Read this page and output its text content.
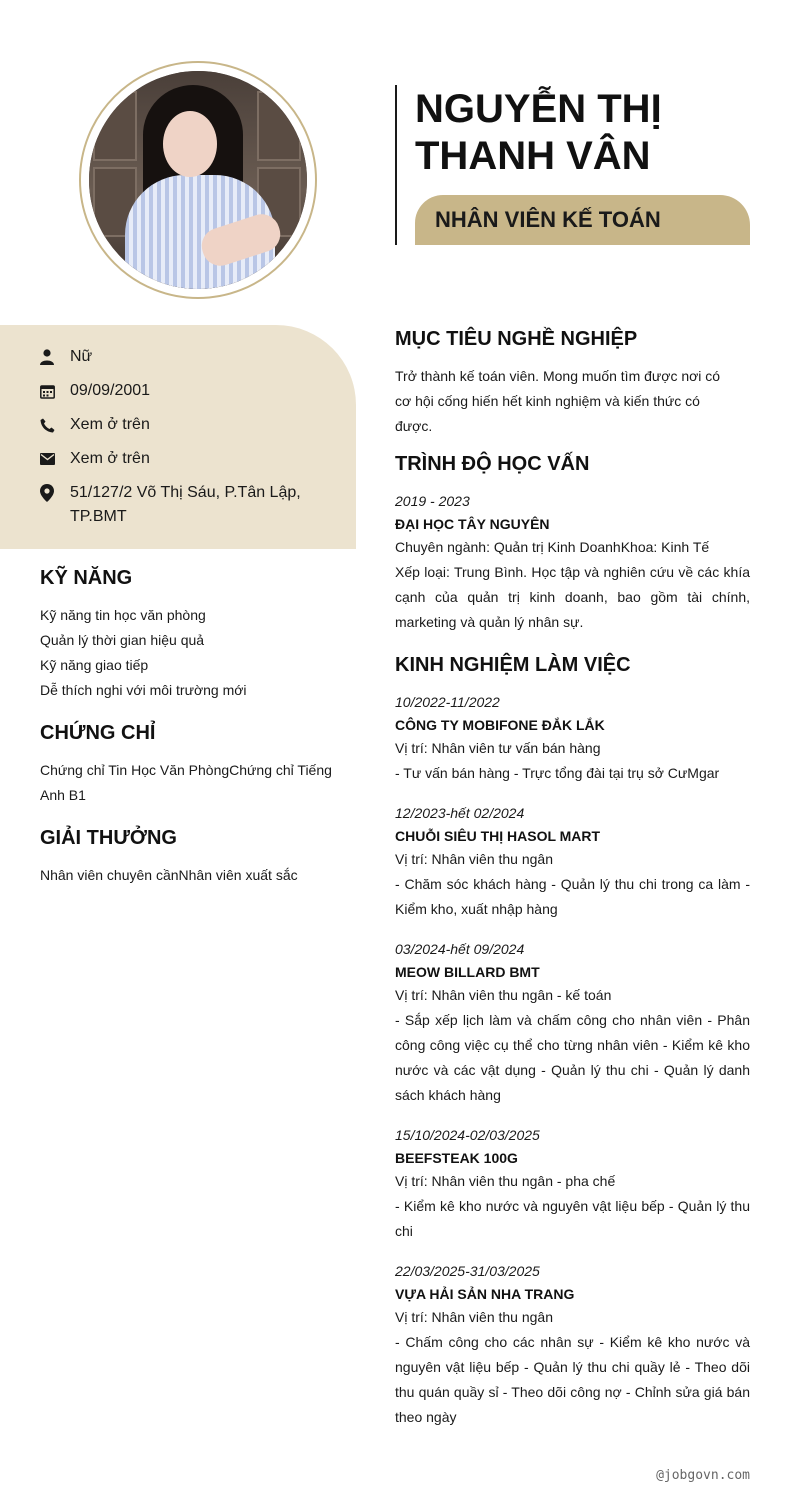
NGUYỄN THỊ THANH VÂN
NHÂN VIÊN KẾ TOÁN
Nữ
09/09/2001
Xem ở trên
Xem ở trên
51/127/2 Võ Thị Sáu, P.Tân Lập, TP.BMT
KỸ NĂNG
Kỹ năng tin học văn phòng
Quản lý thời gian hiệu quả
Kỹ năng giao tiếp
Dễ thích nghi với môi trường mới
CHỨNG CHỈ
Chứng chỉ Tin Học Văn PhòngChứng chỉ Tiếng Anh B1
GIẢI THƯỞNG
Nhân viên chuyên cầnNhân viên xuất sắc
MỤC TIÊU NGHỀ NGHIỆP
Trở thành kế toán viên. Mong muốn tìm được nơi có cơ hội cống hiến hết kinh nghiệm và kiến thức có được.
TRÌNH ĐỘ HỌC VẤN
2019 - 2023
ĐẠI HỌC TÂY NGUYÊN
Chuyên ngành: Quản trị Kinh DoanhKhoa: Kinh Tế
Xếp loại: Trung Bình. Học tập và nghiên cứu về các khía cạnh của quản trị kinh doanh, bao gồm tài chính, marketing và quản lý nhân sự.
KINH NGHIỆM LÀM VIỆC
10/2022-11/2022
CÔNG TY MOBIFONE ĐẮK LẮK
Vị trí: Nhân viên tư vấn bán hàng
- Tư vấn bán hàng - Trực tổng đài tại trụ sở CưMgar
12/2023-hết 02/2024
CHUỖI SIÊU THỊ HASOL MART
Vị trí: Nhân viên thu ngân
- Chăm sóc khách hàng - Quản lý thu chi trong ca làm - Kiểm kho, xuất nhập hàng
03/2024-hết 09/2024
MEOW BILLARD BMT
Vị trí: Nhân viên thu ngân - kế toán
- Sắp xếp lịch làm và chấm công cho nhân viên - Phân công công việc cụ thể cho từng nhân viên - Kiểm kê kho nước và các vật dụng - Quản lý thu chi - Quản lý danh sách khách hàng
15/10/2024-02/03/2025
BEEFSTEAK 100G
Vị trí: Nhân viên thu ngân - pha chế
- Kiểm kê kho nước và nguyên vật liệu bếp - Quản lý thu chi
22/03/2025-31/03/2025
VỰA HẢI SẢN NHA TRANG
Vị trí: Nhân viên thu ngân
- Chấm công cho các nhân sự - Kiểm kê kho nước và nguyên vật liệu bếp - Quản lý thu chi quầy lẻ - Theo dõi thu quán quầy sỉ - Theo dõi công nợ - Chỉnh sửa giá bán theo ngày
@jobgovn.com
